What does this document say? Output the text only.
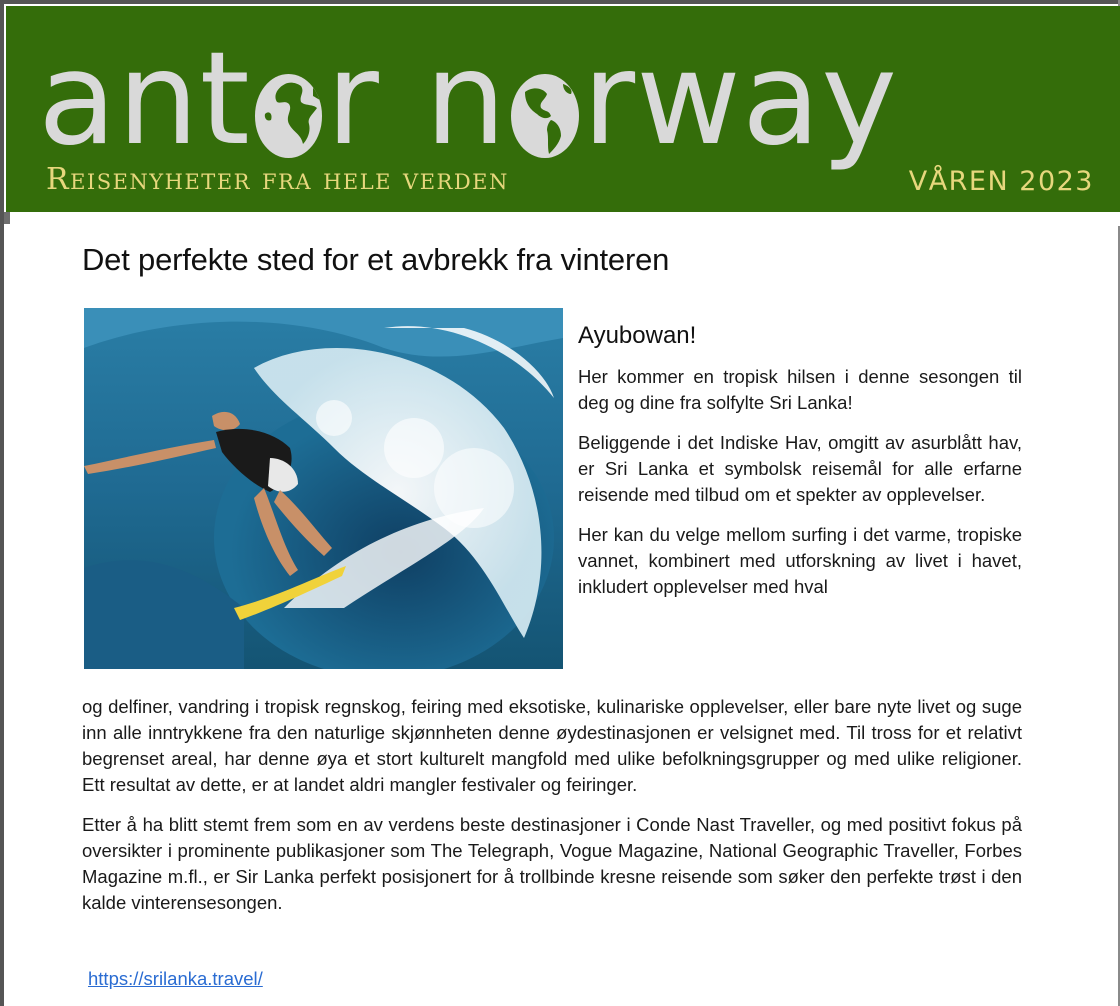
ant r n rway
Reisenyheter fra hele verden	VÅREN 2023
Det perfekte sted for et avbrekk fra vinteren
Ayubowan!

Her kommer en tropisk hilsen i denne sesongen til deg og dine fra solfylte Sri Lanka!

Beliggende i det Indiske Hav, omgitt av asurblått hav, er Sri Lanka et symbolsk reisemål for alle erfarne reisende med tilbud om et spekter av opplevelser.

Her kan du velge mellom surfing i det varme, tropiske vannet, kombinert med utforskning av livet i havet, inkludert opplevelser med hval

og delfiner, vandring i tropisk regnskog, feiring med eksotiske, kulinariske opplevelser, eller bare nyte livet og suge inn alle inntrykkene fra den naturlige skjønnheten denne øydestinasjonen er velsignet med. Til tross for et relativt begrenset areal, har denne øya et stort kulturelt mangfold med ulike befolkningsgrupper og med ulike religioner. Ett resultat av dette, er at landet aldri mangler festivaler og feiringer.

Etter å ha blitt stemt frem som en av verdens beste destinasjoner i Conde Nast Traveller, og med positivt fokus på oversikter i prominente publikasjoner som The Telegraph, Vogue Magazine, National Geographic Traveller, Forbes Magazine m.fl., er Sir Lanka perfekt posisjonert for å trollbinde kresne reisende som søker den perfekte trøst i den kalde vinterensesongen.

https://srilanka.travel/
